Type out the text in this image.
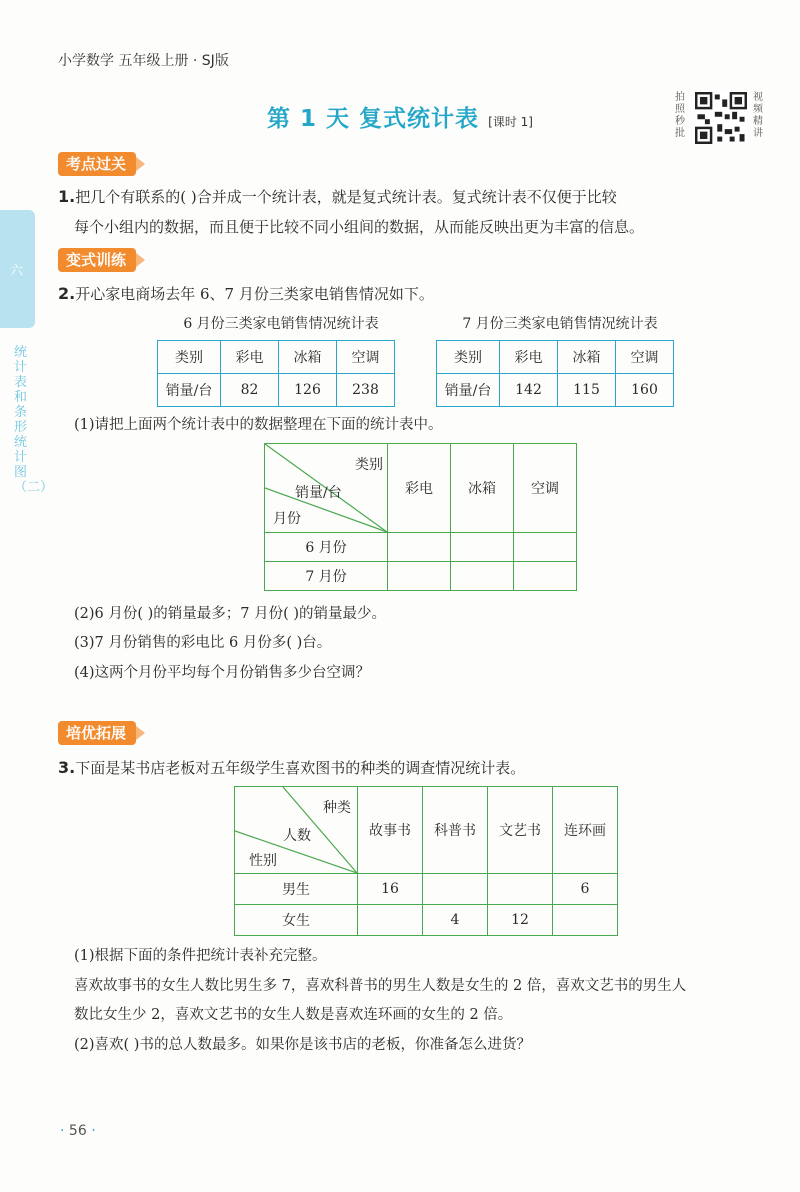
小学数学 五年级上册 · SJ版
第 1 天 复式统计表 [课时 1]
拍照秒批
视频精讲
六
统计表和条形统计图（二）
考点过关
1.把几个有联系的( )合并成一个统计表，就是复式统计表。复式统计表不仅便于比较
每个小组内的数据，而且便于比较不同小组间的数据，从而能反映出更为丰富的信息。
变式训练
2.开心家电商场去年 6、7 月份三类家电销售情况如下。
6 月份三类家电销售情况统计表
类别	彩电	冰箱	空调
销量/台	82	126	238
7 月份三类家电销售情况统计表
类别	彩电	冰箱	空调
销量/台	142	115	160
(1)请把上面两个统计表中的数据整理在下面的统计表中。
类别
销量/台
月份	彩电	冰箱	空调
6 月份			
7 月份			
(2)6 月份( )的销量最多；7 月份( )的销量最少。
(3)7 月份销售的彩电比 6 月份多( )台。
(4)这两个月份平均每个月份销售多少台空调？
培优拓展
3.下面是某书店老板对五年级学生喜欢图书的种类的调查情况统计表。
种类
人数
性别	故事书	科普书	文艺书	连环画
男生	16			6
女生		4	12	
(1)根据下面的条件把统计表补充完整。
喜欢故事书的女生人数比男生多 7，喜欢科普书的男生人数是女生的 2 倍，喜欢文艺书的男生人
数比女生少 2，喜欢文艺书的女生人数是喜欢连环画的女生的 2 倍。
(2)喜欢( )书的总人数最多。如果你是该书店的老板，你准备怎么进货？
· 56 ·
